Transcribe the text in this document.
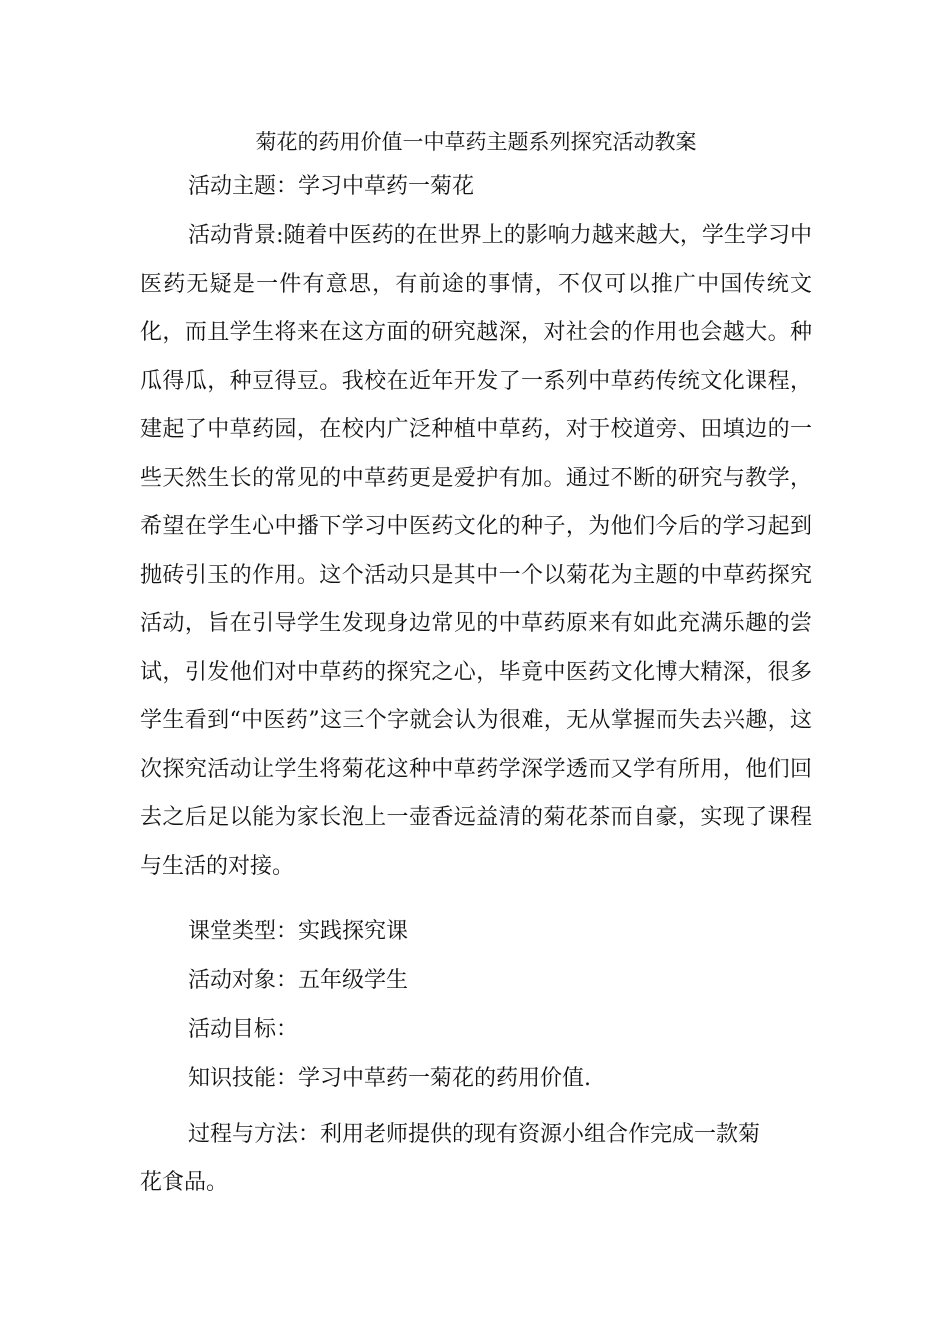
菊花的药用价值一中草药主题系列探究活动教案
活动主题：学习中草药一菊花

活动背景:随着中医药的在世界上的影响力越来越大，学生学习中医药无疑是一件有意思，有前途的事情，不仅可以推广中国传统文化，而且学生将来在这方面的研究越深，对社会的作用也会越大。种瓜得瓜，种豆得豆。我校在近年开发了一系列中草药传统文化课程，建起了中草药园，在校内广泛种植中草药，对于校道旁、田填边的一些天然生长的常见的中草药更是爱护有加。通过不断的研究与教学，希望在学生心中播下学习中医药文化的种子，为他们今后的学习起到抛砖引玉的作用。这个活动只是其中一个以菊花为主题的中草药探究活动，旨在引导学生发现身边常见的中草药原来有如此充满乐趣的尝试，引发他们对中草药的探究之心，毕竟中医药文化博大精深，很多学生看到“中医药”这三个字就会认为很难，无从掌握而失去兴趣，这次探究活动让学生将菊花这种中草药学深学透而又学有所用，他们回去之后足以能为家长泡上一壶香远益清的菊花茶而自豪，实现了课程与生活的对接。

课堂类型：实践探究课
活动对象：五年级学生
活动目标：
知识技能：学习中草药一菊花的药用价值.

过程与方法：利用老师提供的现有资源小组合作完成一款菊花食品。
